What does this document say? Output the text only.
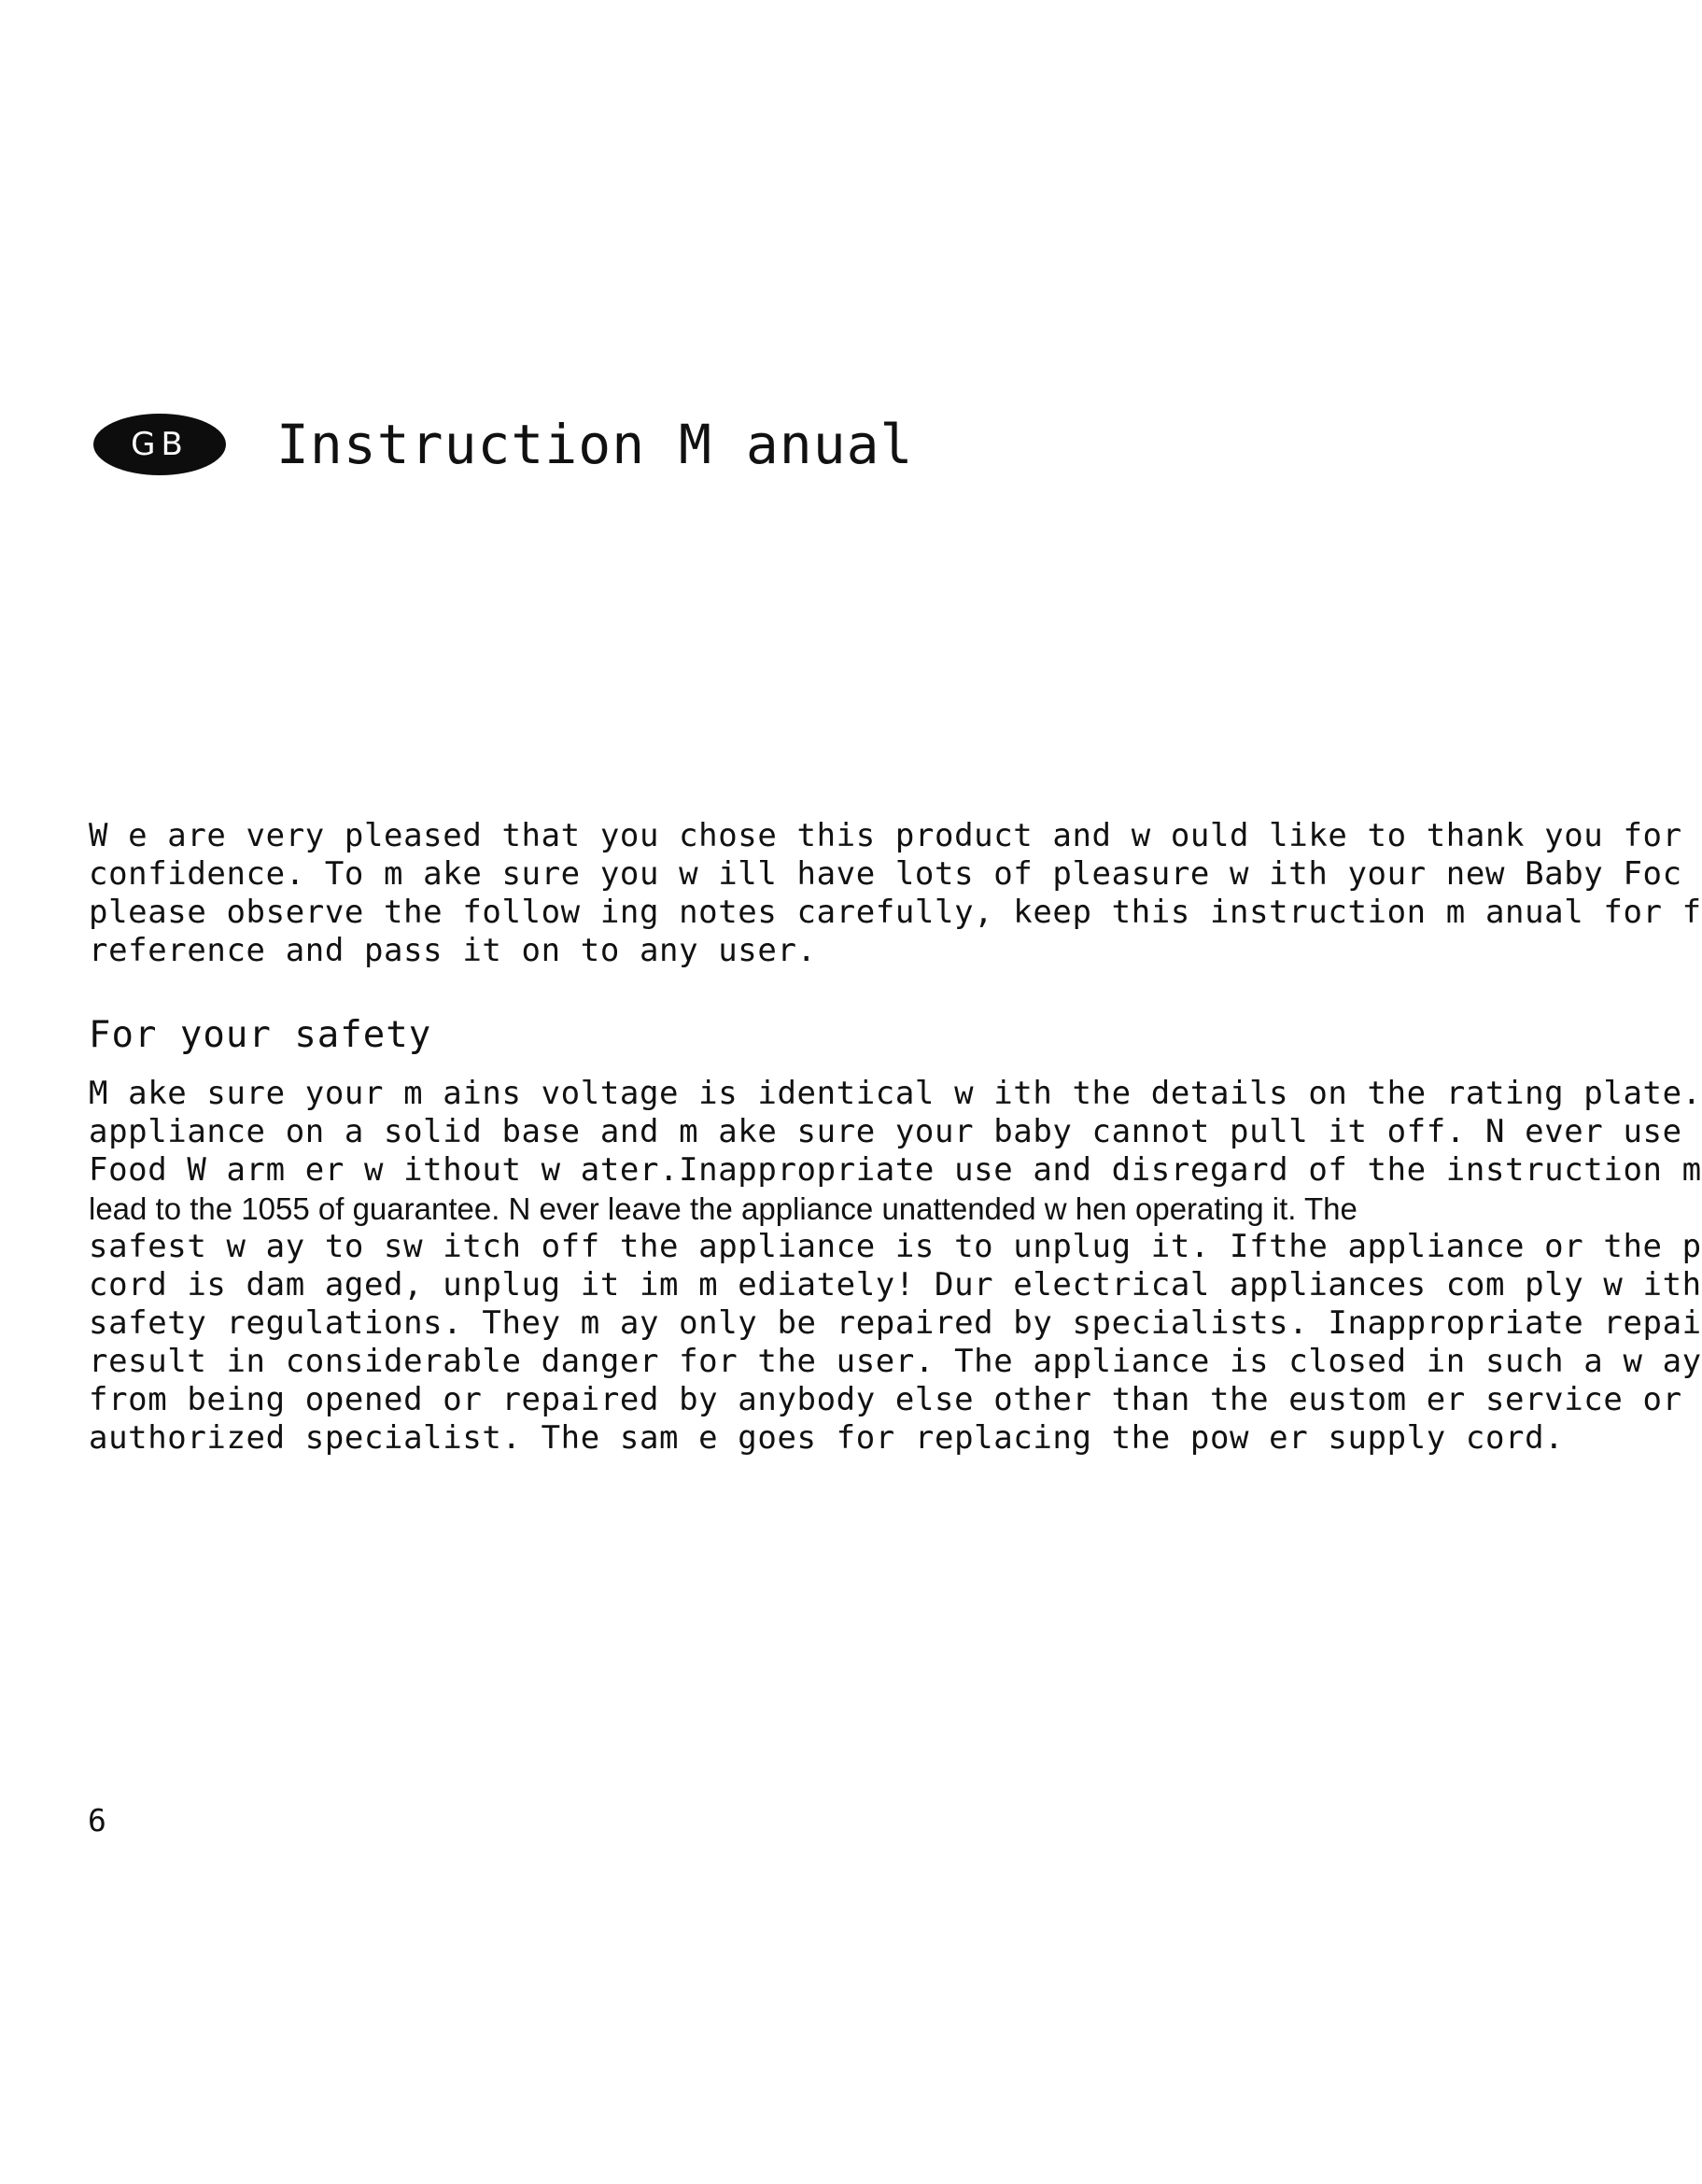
GB Instruction M anual
W e are very pleased that you chose this product and w ould like to thank you for
confidence. To m ake sure you w ill have lots of pleasure w ith your new Baby Foc
please observe the follow ing notes carefully, keep this instruction m anual for f
reference and pass it on to any user.
For your safety
M ake sure your m ains voltage is identical w ith the details on the rating plate.
appliance on a solid base and m ake sure your baby cannot pull it off. N ever use
Food W arm er w ithout w ater.Inappropriate use and disregard of the instruction m
lead to the 1055 of guarantee. N ever leave the appliance unattended w hen operating it. The
safest w ay to sw itch off the appliance is to unplug it. Ifthe appliance or the p
cord is dam aged, unplug it im m ediately! Dur electrical appliances com ply w ith
safety regulations. They m ay only be repaired by specialists. Inappropriate repai
result in considerable danger for the user. The appliance is closed in such a w ay
from being opened or repaired by anybody else other than the eustom er service or
authorized specialist. The sam e goes for replacing the pow er supply cord.
6
